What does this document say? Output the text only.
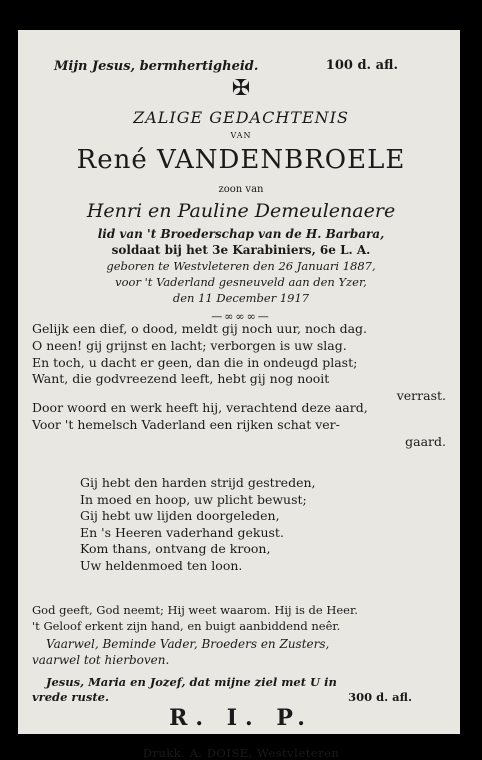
Mijn Jesus, bermhertigheid.	100 d. afl.
✠
ZALIGE GEDACHTENIS
VAN
René VANDENBROELE
zoon van
Henri en Pauline Demeulenaere
lid van 't Broederschap van de H. Barbara,
soldaat bij het 3e Karabiniers, 6e L. A.
geboren te Westvleteren den 26 Januari 1887,
voor 't Vaderland gesneuveld aan den Yzer,
den 11 December 1917
—∞∞∞—
Gelijk een dief, o dood, meldt gij noch uur, noch dag.
O neen! gij grijnst en lacht; verborgen is uw slag.
En toch, u dacht er geen, dan die in ondeugd plast;
Want, die godvreezend leeft, hebt gij nog nooit
verrast.
Door woord en werk heeft hij, verachtend deze aard,
Voor 't hemelsch Vaderland een rijken schat ver-
gaard.
Gij hebt den harden strijd gestreden,
In moed en hoop, uw plicht bewust;
Gij hebt uw lijden doorgeleden,
En 's Heeren vaderhand gekust.
Kom thans, ontvang de kroon,
Uw heldenmoed ten loon.
God geeft, God neemt; Hij weet waarom. Hij is de Heer.
't Geloof erkent zijn hand, en buigt aanbiddend neêr.
Vaarwel, Beminde Vader, Broeders en Zusters,
vaarwel tot hierboven.
Jesus, Maria en Jozef, dat mijne ziel met U in
vrede ruste.	300 d. afl.
R. I. P.
Drukk. A. DOISE, Westvleteren
